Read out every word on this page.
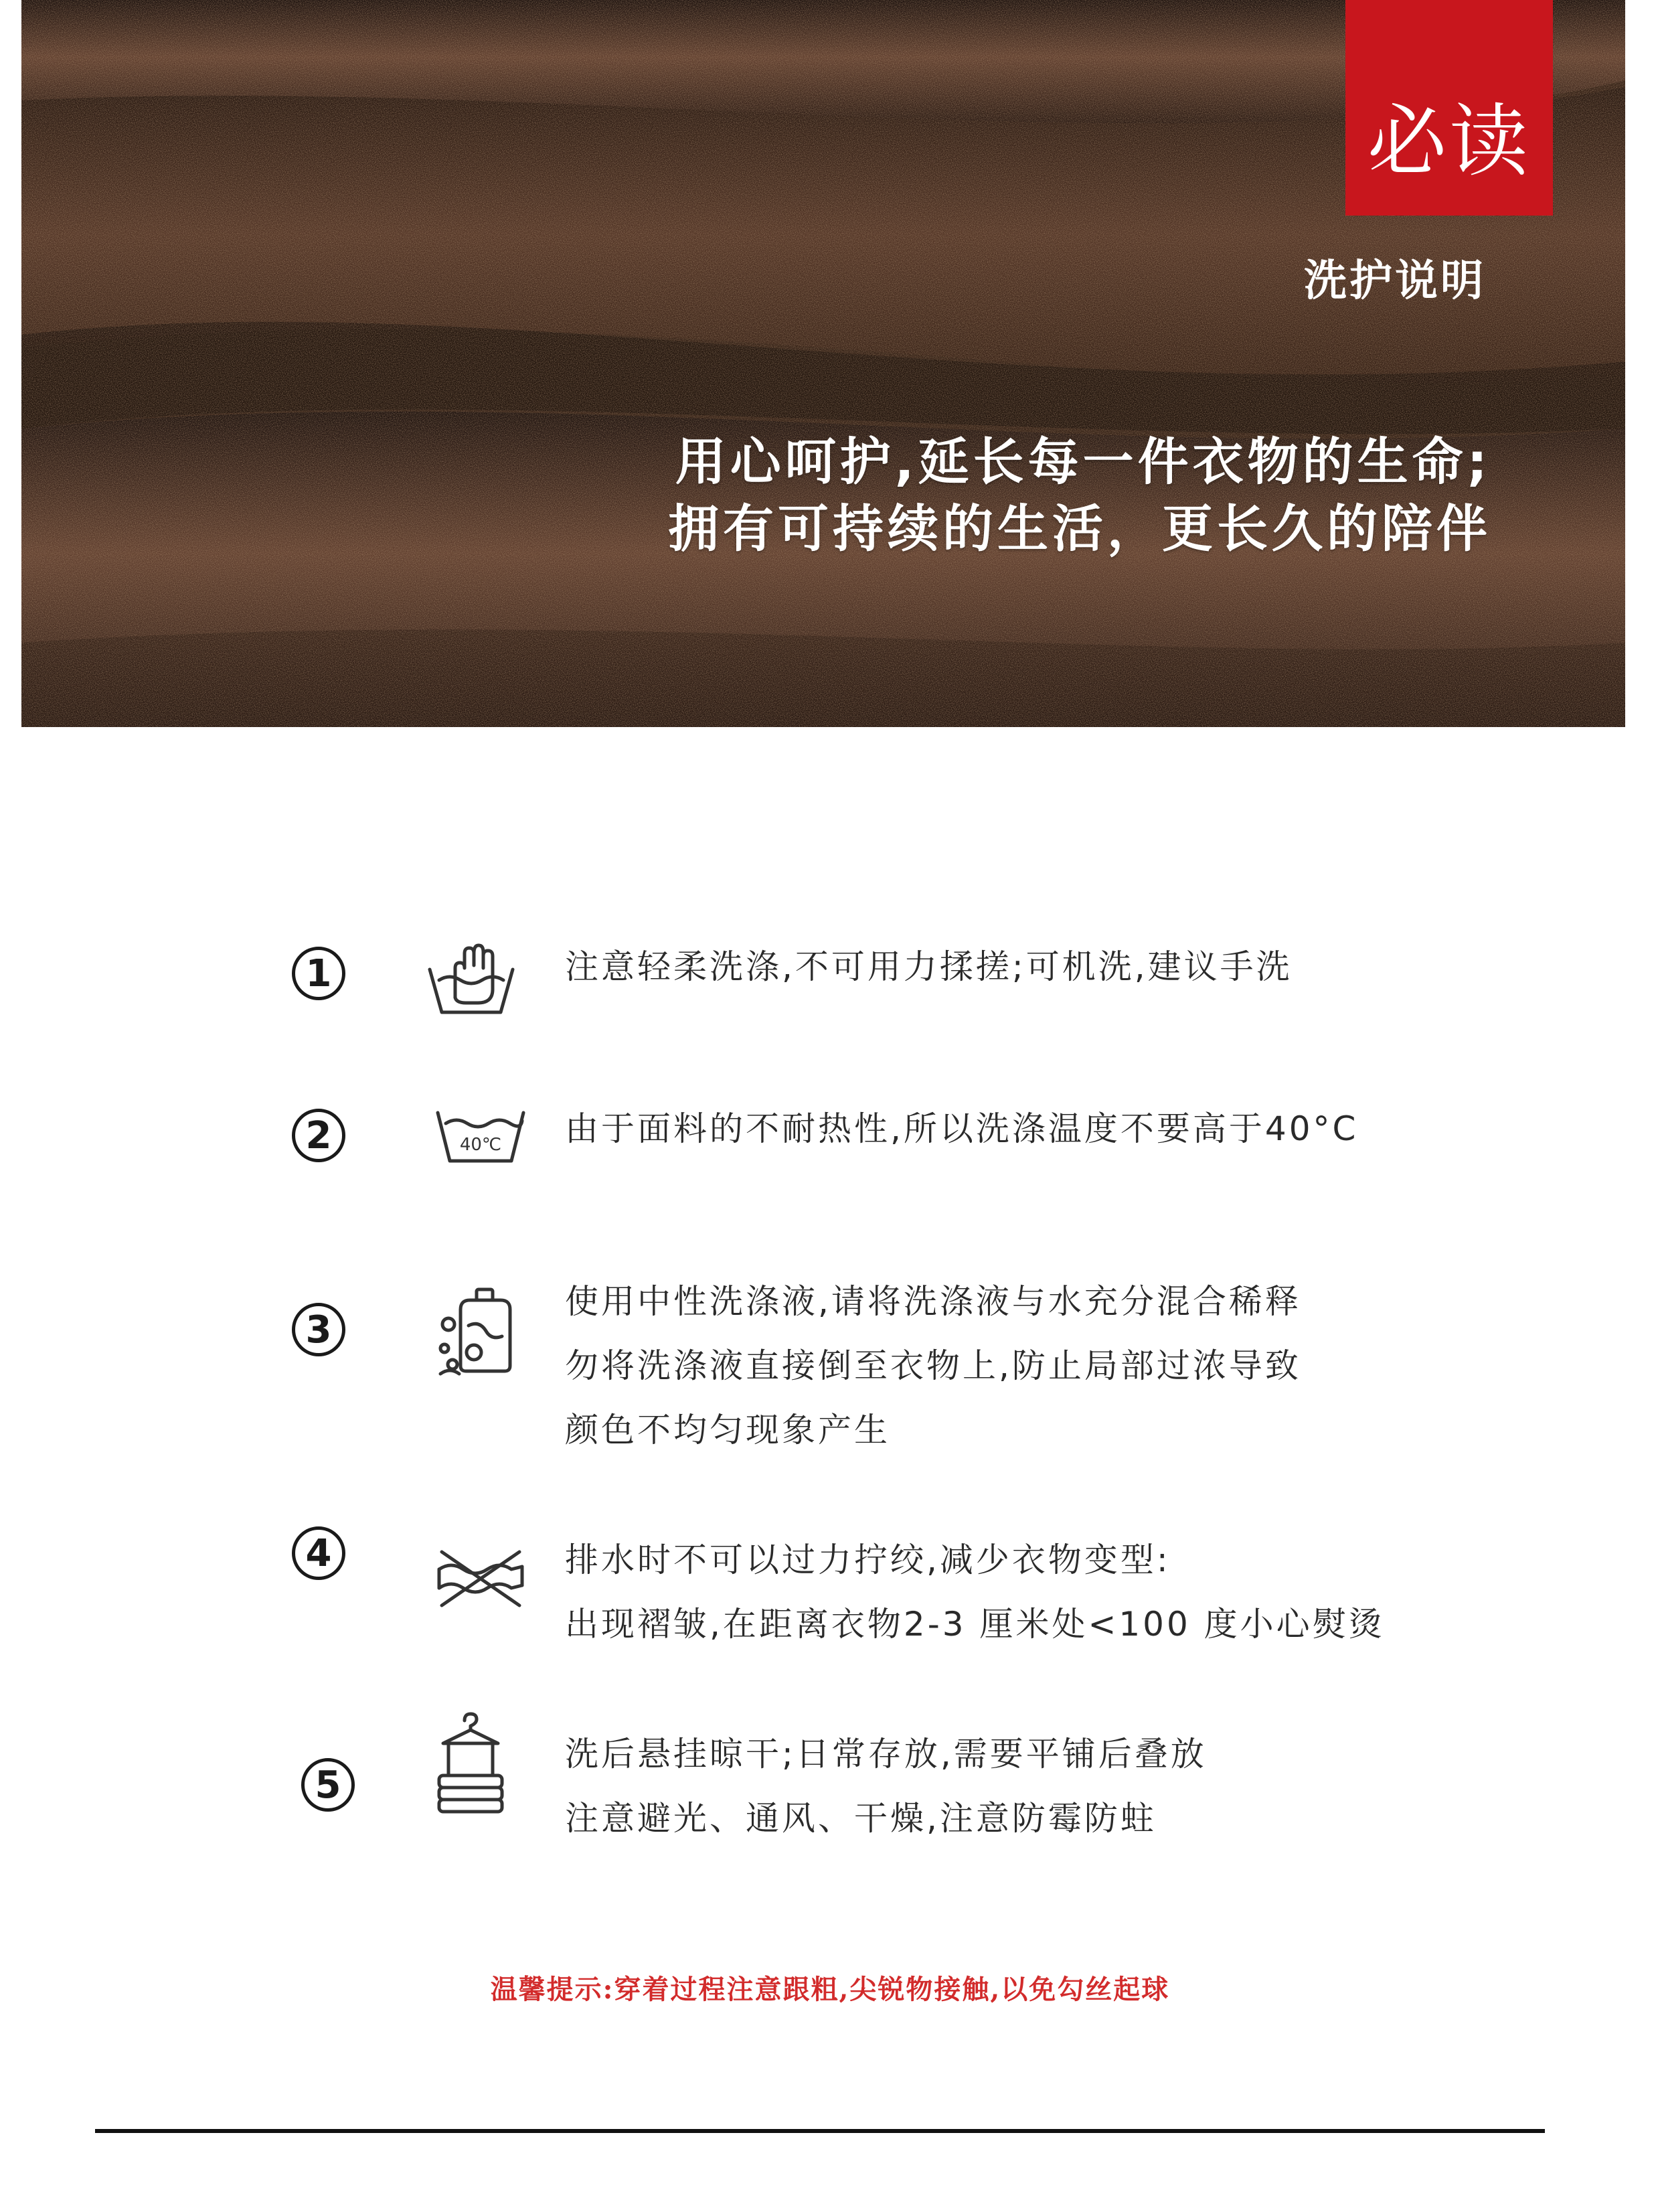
必读
洗护说明
用心呵护,延长每一件衣物的生命;
拥有可持续的生活，更长久的陪伴
1	注意轻柔洗涤,不可用力揉搓;可机洗,建议手洗
2	40℃ 由于面料的不耐热性,所以洗涤温度不要高于40°C
3
使用中性洗涤液,请将洗涤液与水充分混合稀释
勿将洗涤液直接倒至衣物上,防止局部过浓导致
颜色不均匀现象产生
4	排水时不可以过力拧绞,减少衣物变型:
出现褶皱,在距离衣物2-3 厘米处<100 度小心熨烫
5
洗后悬挂晾干;日常存放,需要平铺后叠放
注意避光、通风、干燥,注意防霉防蛀
温馨提示:穿着过程注意跟粗,尖锐物接触,以免勾丝起球
